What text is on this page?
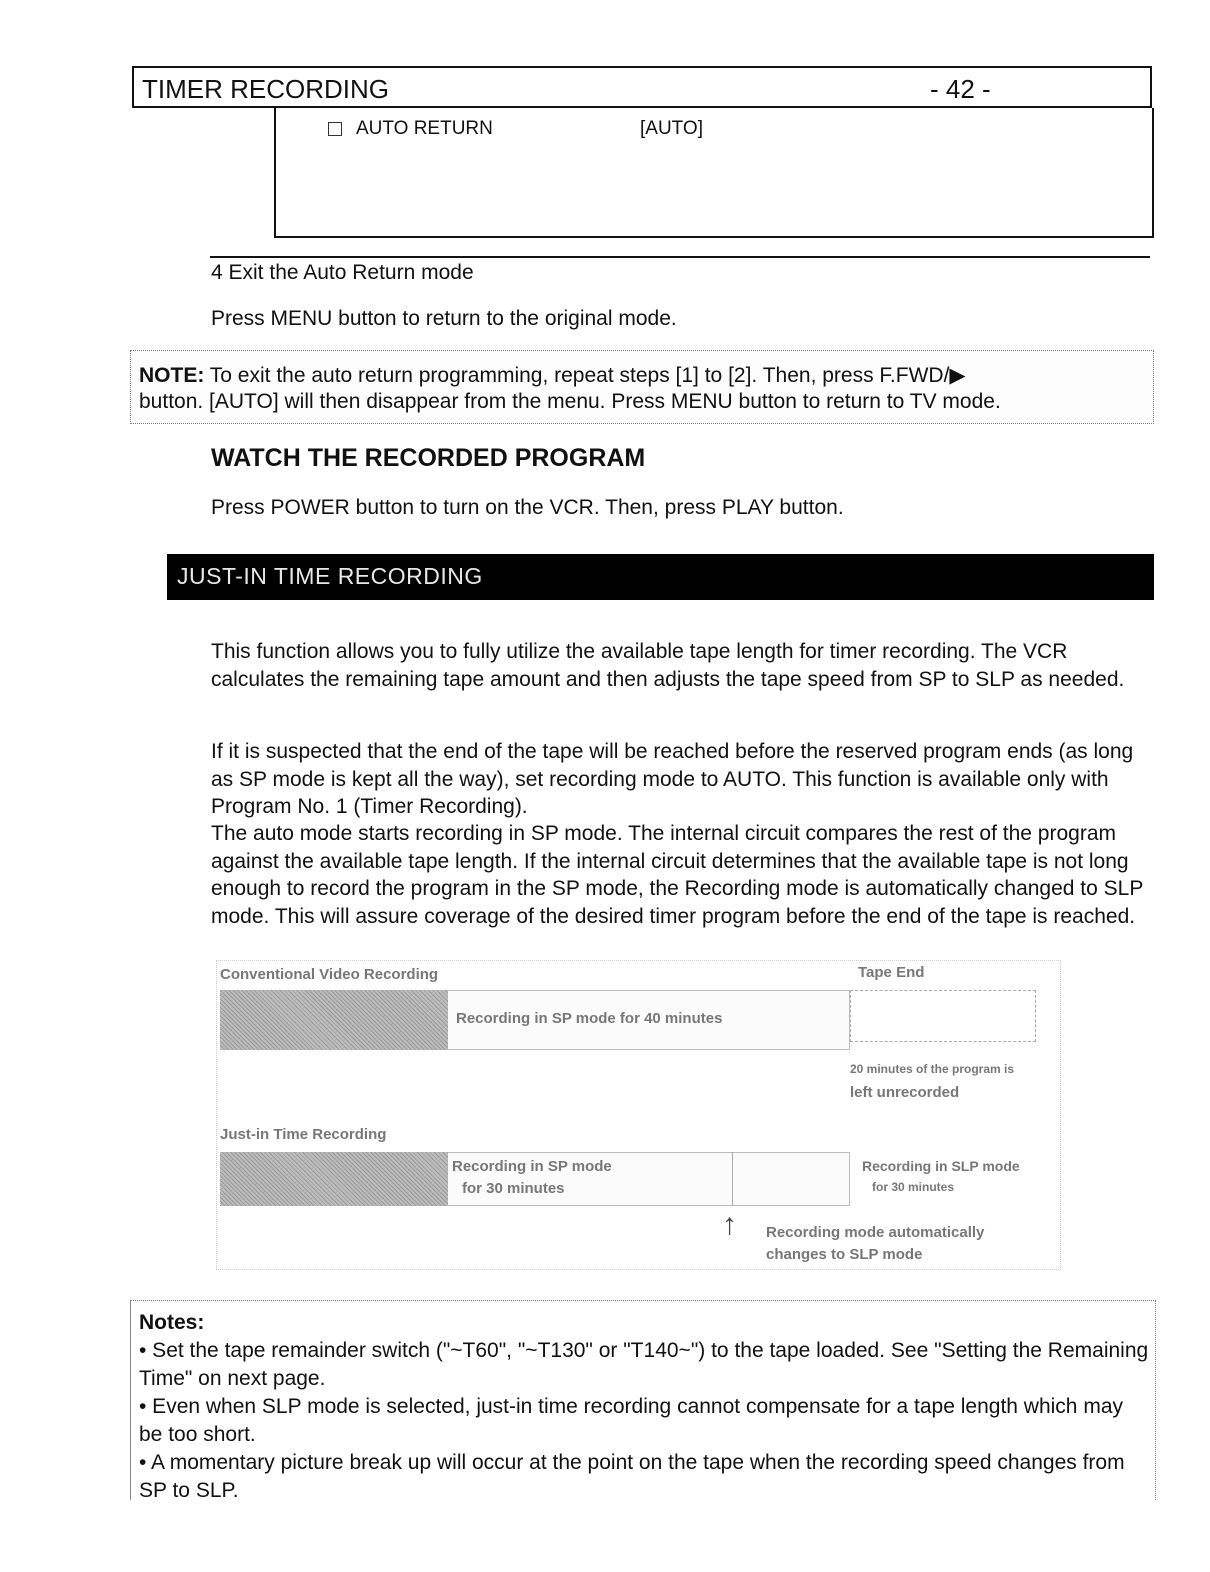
TIMER RECORDING	- 42 -
AUTO RETURN	[AUTO]
4 Exit the Auto Return mode
Press MENU button to return to the original mode.
NOTE: To exit the auto return programming, repeat steps [1] to [2]. Then, press F.FWD/▶
button. [AUTO] will then disappear from the menu. Press MENU button to return to TV mode.
WATCH THE RECORDED PROGRAM
Press POWER button to turn on the VCR. Then, press PLAY button.
JUST-IN TIME RECORDING
This function allows you to fully utilize the available tape length for timer recording. The VCR calculates the remaining tape amount and then adjusts the tape speed from SP to SLP as needed.
If it is suspected that the end of the tape will be reached before the reserved program ends (as long as SP mode is kept all the way), set recording mode to AUTO. This function is available only with Program No. 1 (Timer Recording).
The auto mode starts recording in SP mode. The internal circuit compares the rest of the program against the available tape length. If the internal circuit determines that the available tape is not long enough to record the program in the SP mode, the Recording mode is automatically changed to SLP mode. This will assure coverage of the desired timer program before the end of the tape is reached.
Conventional Video Recording	Tape End
Recording in SP mode for 40 minutes
20 minutes of the program is
left unrecorded
Just-in Time Recording
Recording in SP mode
for 30 minutes
Recording in SLP mode
for 30 minutes
↑ Recording mode automatically
changes to SLP mode
Notes:
• Set the tape remainder switch ("~T60", "~T130" or "T140~") to the tape loaded. See "Setting the Remaining Time" on next page.
• Even when SLP mode is selected, just-in time recording cannot compensate for a tape length which may be too short.
• A momentary picture break up will occur at the point on the tape when the recording speed changes from SP to SLP.
